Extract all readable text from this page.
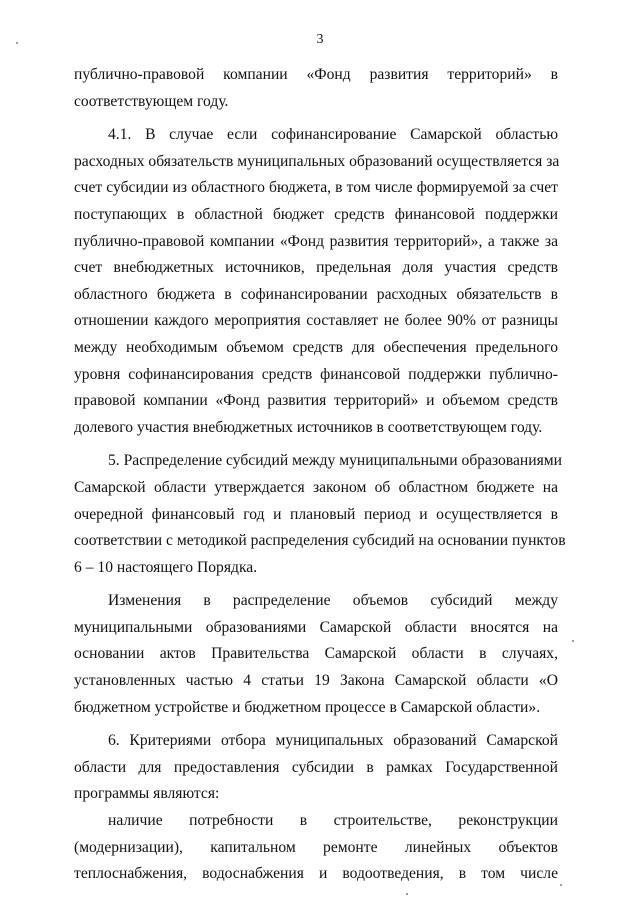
3
публично-правовой компании «Фонд развития территорий» в
соответствующем году.
4.1. В случае если софинансирование Самарской областью
расходных обязательств муниципальных образований осуществляется за
счет субсидии из областного бюджета, в том числе формируемой за счет
поступающих в областной бюджет средств финансовой поддержки
публично-правовой компании «Фонд развития территорий», а также за
счет внебюджетных источников, предельная доля участия средств
областного бюджета в софинансировании расходных обязательств в
отношении каждого мероприятия составляет не более 90% от разницы
между необходимым объемом средств для обеспечения предельного
уровня софинансирования средств финансовой поддержки публично-
правовой компании «Фонд развития территорий» и объемом средств
долевого участия внебюджетных источников в соответствующем году.
5. Распределение субсидий между муниципальными образованиями
Самарской области утверждается законом об областном бюджете на
очередной финансовый год и плановый период и осуществляется в
соответствии с методикой распределения субсидий на основании пунктов
6 – 10 настоящего Порядка.
Изменения в распределение объемов субсидий между
муниципальными образованиями Самарской области вносятся на
основании актов Правительства Самарской области в случаях,
установленных частью 4 статьи 19 Закона Самарской области «О
бюджетном устройстве и бюджетном процессе в Самарской области».
6. Критериями отбора муниципальных образований Самарской
области для предоставления субсидии в рамках Государственной
программы являются:
наличие потребности в строительстве, реконструкции
(модернизации), капитальном ремонте линейных объектов
теплоснабжения, водоснабжения и водоотведения, в том числе
